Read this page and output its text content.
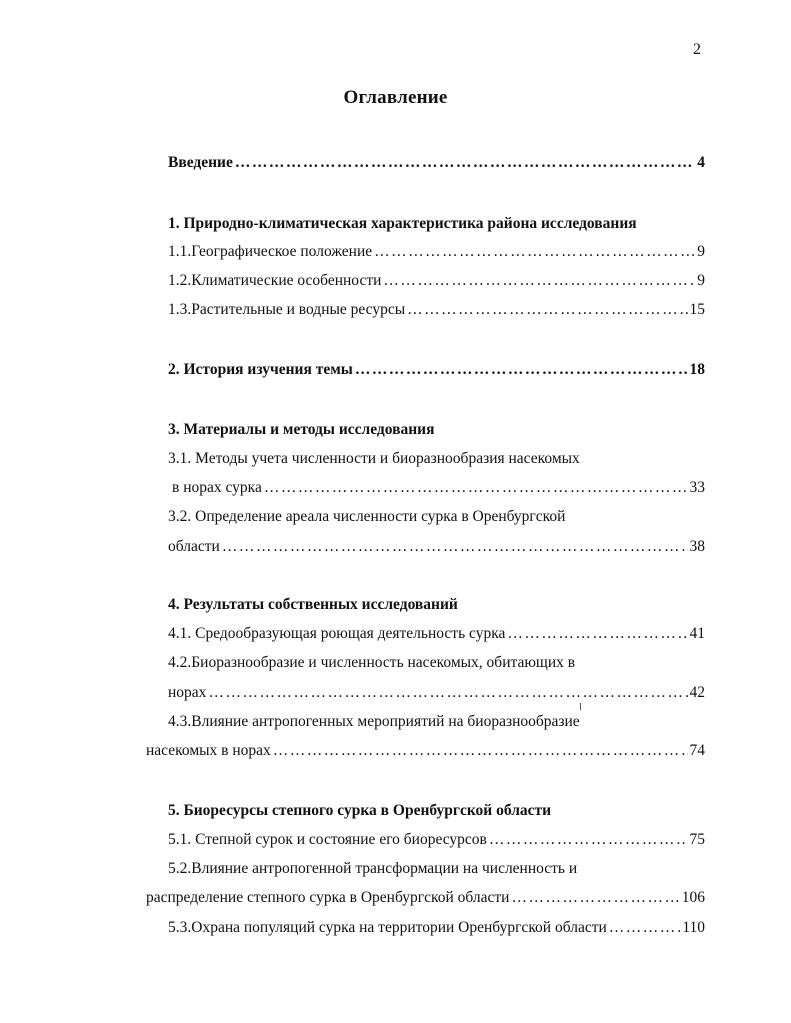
2
Оглавление
Введение ……………………………………………………………………………………………………………………………………………………………………	4
1. Природно-климатическая характеристика района исследования
1.1.Географическое положение ……………………………………………………………………………………………………………………………………………………………………	9
1.2.Климатические особенности ……………………………………………………………………………………………………………………………………………………………………	9
1.3.Растительные и водные ресурсы ……………………………………………………………………………………………………………………………………………………………………	15
2. История изучения темы ……………………………………………………………………………………………………………………………………………………………………	18
3. Материалы и методы исследования
3.1. Методы учета численности и биоразнообразия насекомых
в норах сурка ……………………………………………………………………………………………………………………………………………………………………	33
3.2. Определение ареала численности сурка в Оренбургской
области ……………………………………………………………………………………………………………………………………………………………………	38
4. Результаты собственных исследований
4.1. Средообразующая роющая деятельность сурка ……………………………………………………………………………………………………………………………………………………………………	41
4.2.Биоразнообразие и численность насекомых, обитающих в
норах ……………………………………………………………………………………………………………………………………………………………………	42
4.3.Влияние антропогенных мероприятий на биоразнообразие
насекомых в норах ……………………………………………………………………………………………………………………………………………………………………	74
5. Биоресурсы степного сурка в Оренбургской области
5.1. Степной сурок и состояние его биоресурсов ……………………………………………………………………………………………………………………………………………………………………	75
5.2.Влияние антропогенной трансформации на численность и
распределение степного сурка в Оренбургской области ……………………………………………………………………………………………………………………………………………………………………	106
5.3.Охрана популяций сурка на территории Оренбургской области ……………………………………………………………………………………………………………………………………………………………………	110
